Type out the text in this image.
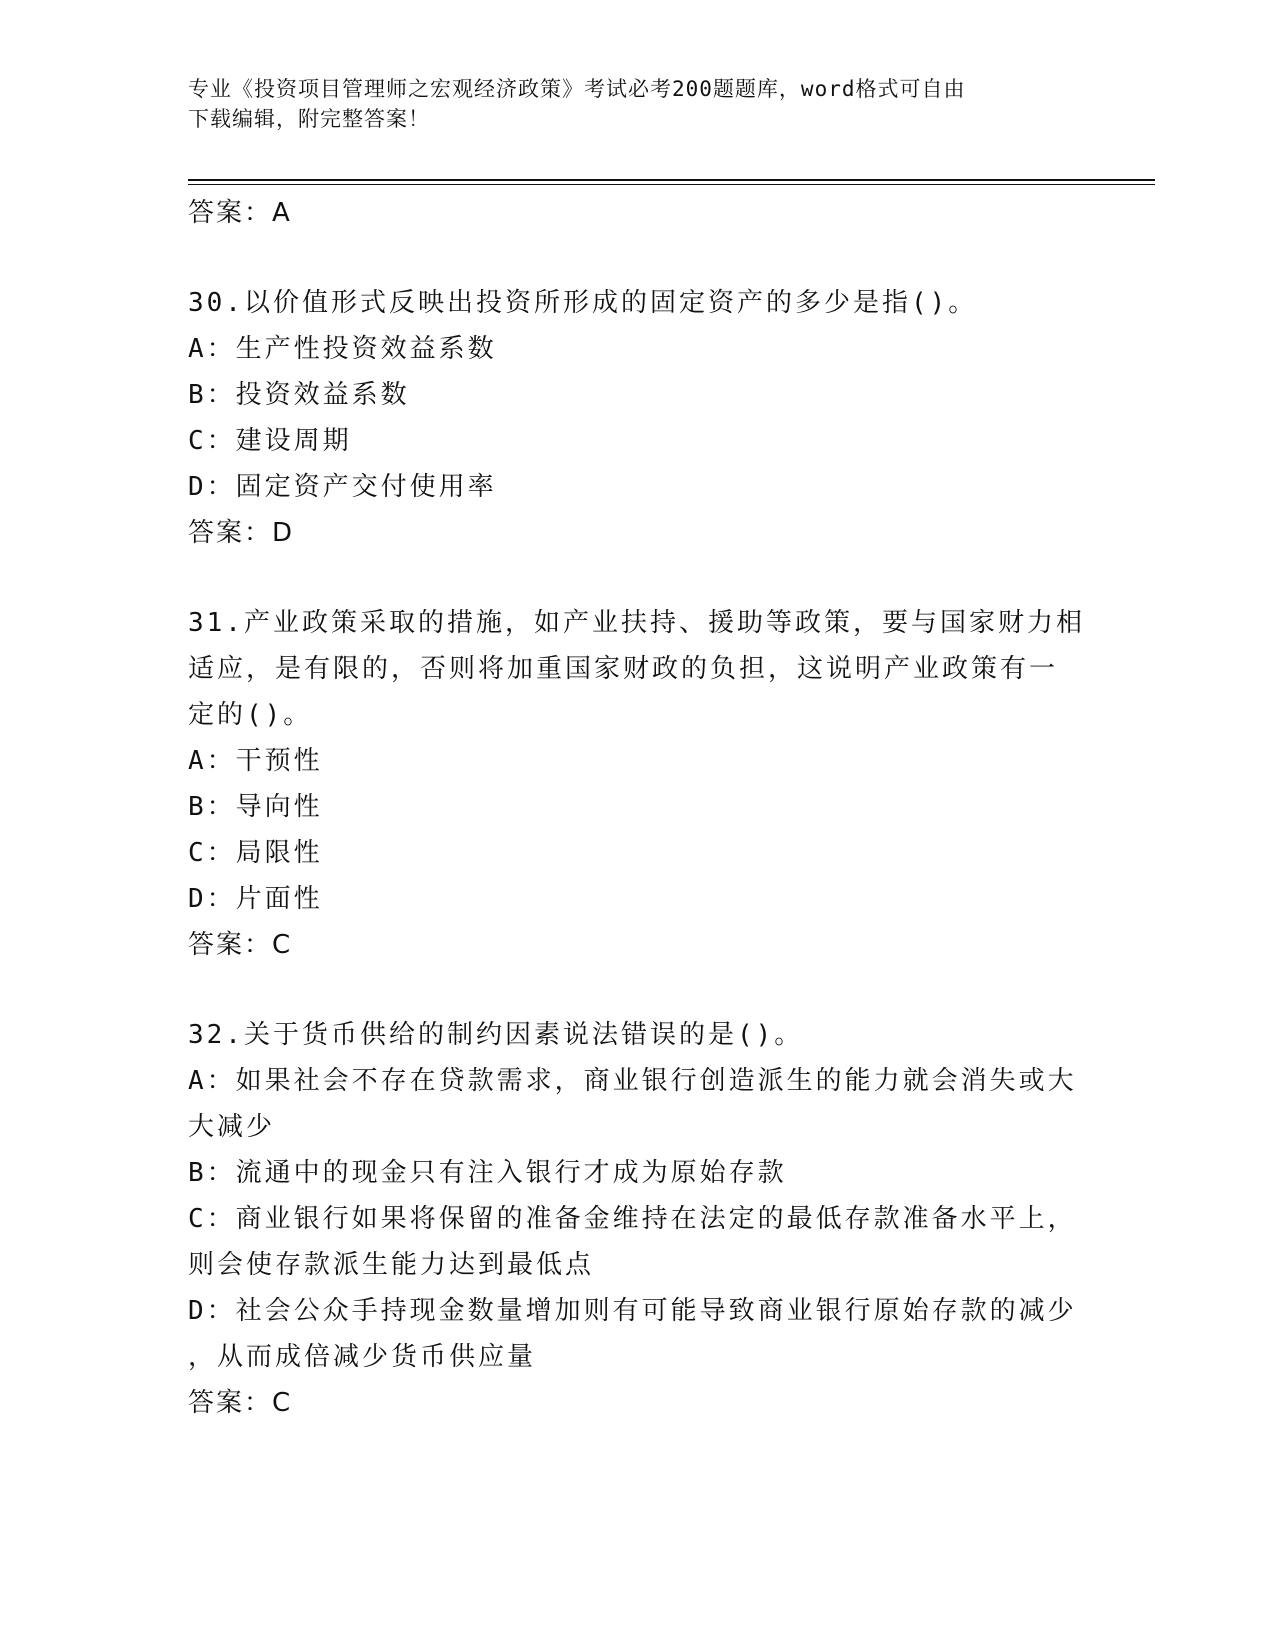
专业《投资项目管理师之宏观经济政策》考试必考200题题库，word格式可自由
下载编辑，附完整答案！
答案：A
30.以价值形式反映出投资所形成的固定资产的多少是指()。
A：生产性投资效益系数
B：投资效益系数
C：建设周期
D：固定资产交付使用率
答案：D
31.产业政策采取的措施，如产业扶持、援助等政策，要与国家财力相
适应，是有限的，否则将加重国家财政的负担，这说明产业政策有一
定的()。
A：干预性
B：导向性
C：局限性
D：片面性
答案：C
32.关于货币供给的制约因素说法错误的是()。
A：如果社会不存在贷款需求，商业银行创造派生的能力就会消失或大
大减少
B：流通中的现金只有注入银行才成为原始存款
C：商业银行如果将保留的准备金维持在法定的最低存款准备水平上，
则会使存款派生能力达到最低点
D：社会公众手持现金数量增加则有可能导致商业银行原始存款的减少
，从而成倍减少货币供应量
答案：C
